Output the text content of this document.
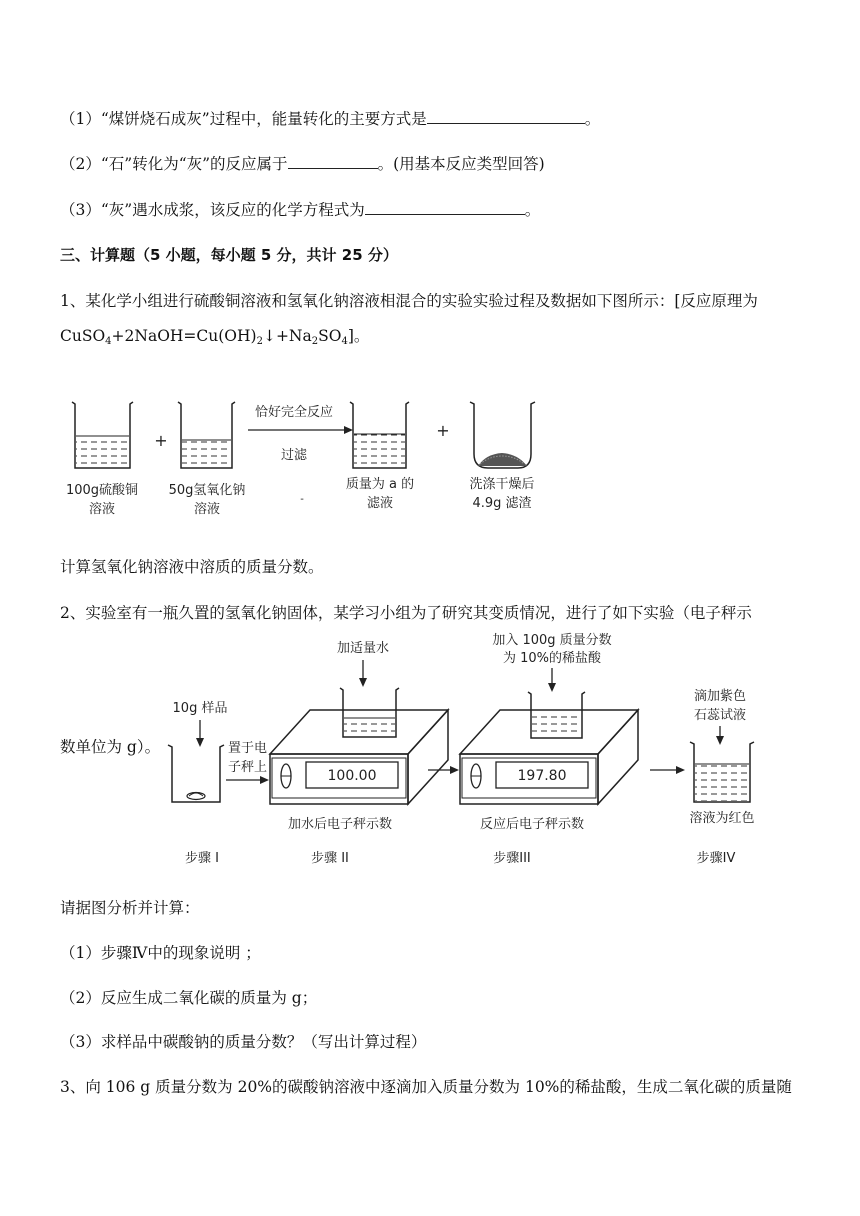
（1）“煤饼烧石成灰”过程中，能量转化的主要方式是	。
（2）“石”转化为“灰”的反应属于	。(用基本反应类型回答)
（3）“灰”遇水成浆，该反应的化学方程式为	。
三、计算题（5 小题，每小题 5 分，共计 25 分）
1、某化学小组进行硫酸铜溶液和氢氧化钠溶液相混合的实验实验过程及数据如下图所示：[反应原理为
$CuSO_4+2NaOH=Cu(OH)_2↓+Na_2SO_4$]。
100g硫酸铜
溶液
+
50g氢氧化钠
溶液
恰好完全反应
过滤
-
质量为 a 的
滤液
+
洗涤干燥后
4.9g 滤渣
计算氢氧化钠溶液中溶质的质量分数。
2、实验室有一瓶久置的氢氧化钠固体，某学习小组为了研究其变质情况，进行了如下实验（电子秤示
数单位为 g）。
10g 样品
置于电
子秤上
加适量水
100.00
加水后电子秤示数
加入 100g 质量分数
为 10%的稀盐酸
197.80
反应后电子秤示数
滴加紫色
石蕊试液
溶液为红色
步骤 I	步骤 II	步骤III	步骤IV
请据图分析并计算：
（1）步骤Ⅳ中的现象说明 ；
（2）反应生成二氧化碳的质量为 g；
（3）求样品中碳酸钠的质量分数？（写出计算过程）
3、向 106 g 质量分数为 20%的碳酸钠溶液中逐滴加入质量分数为 10%的稀盐酸，生成二氧化碳的质量随
